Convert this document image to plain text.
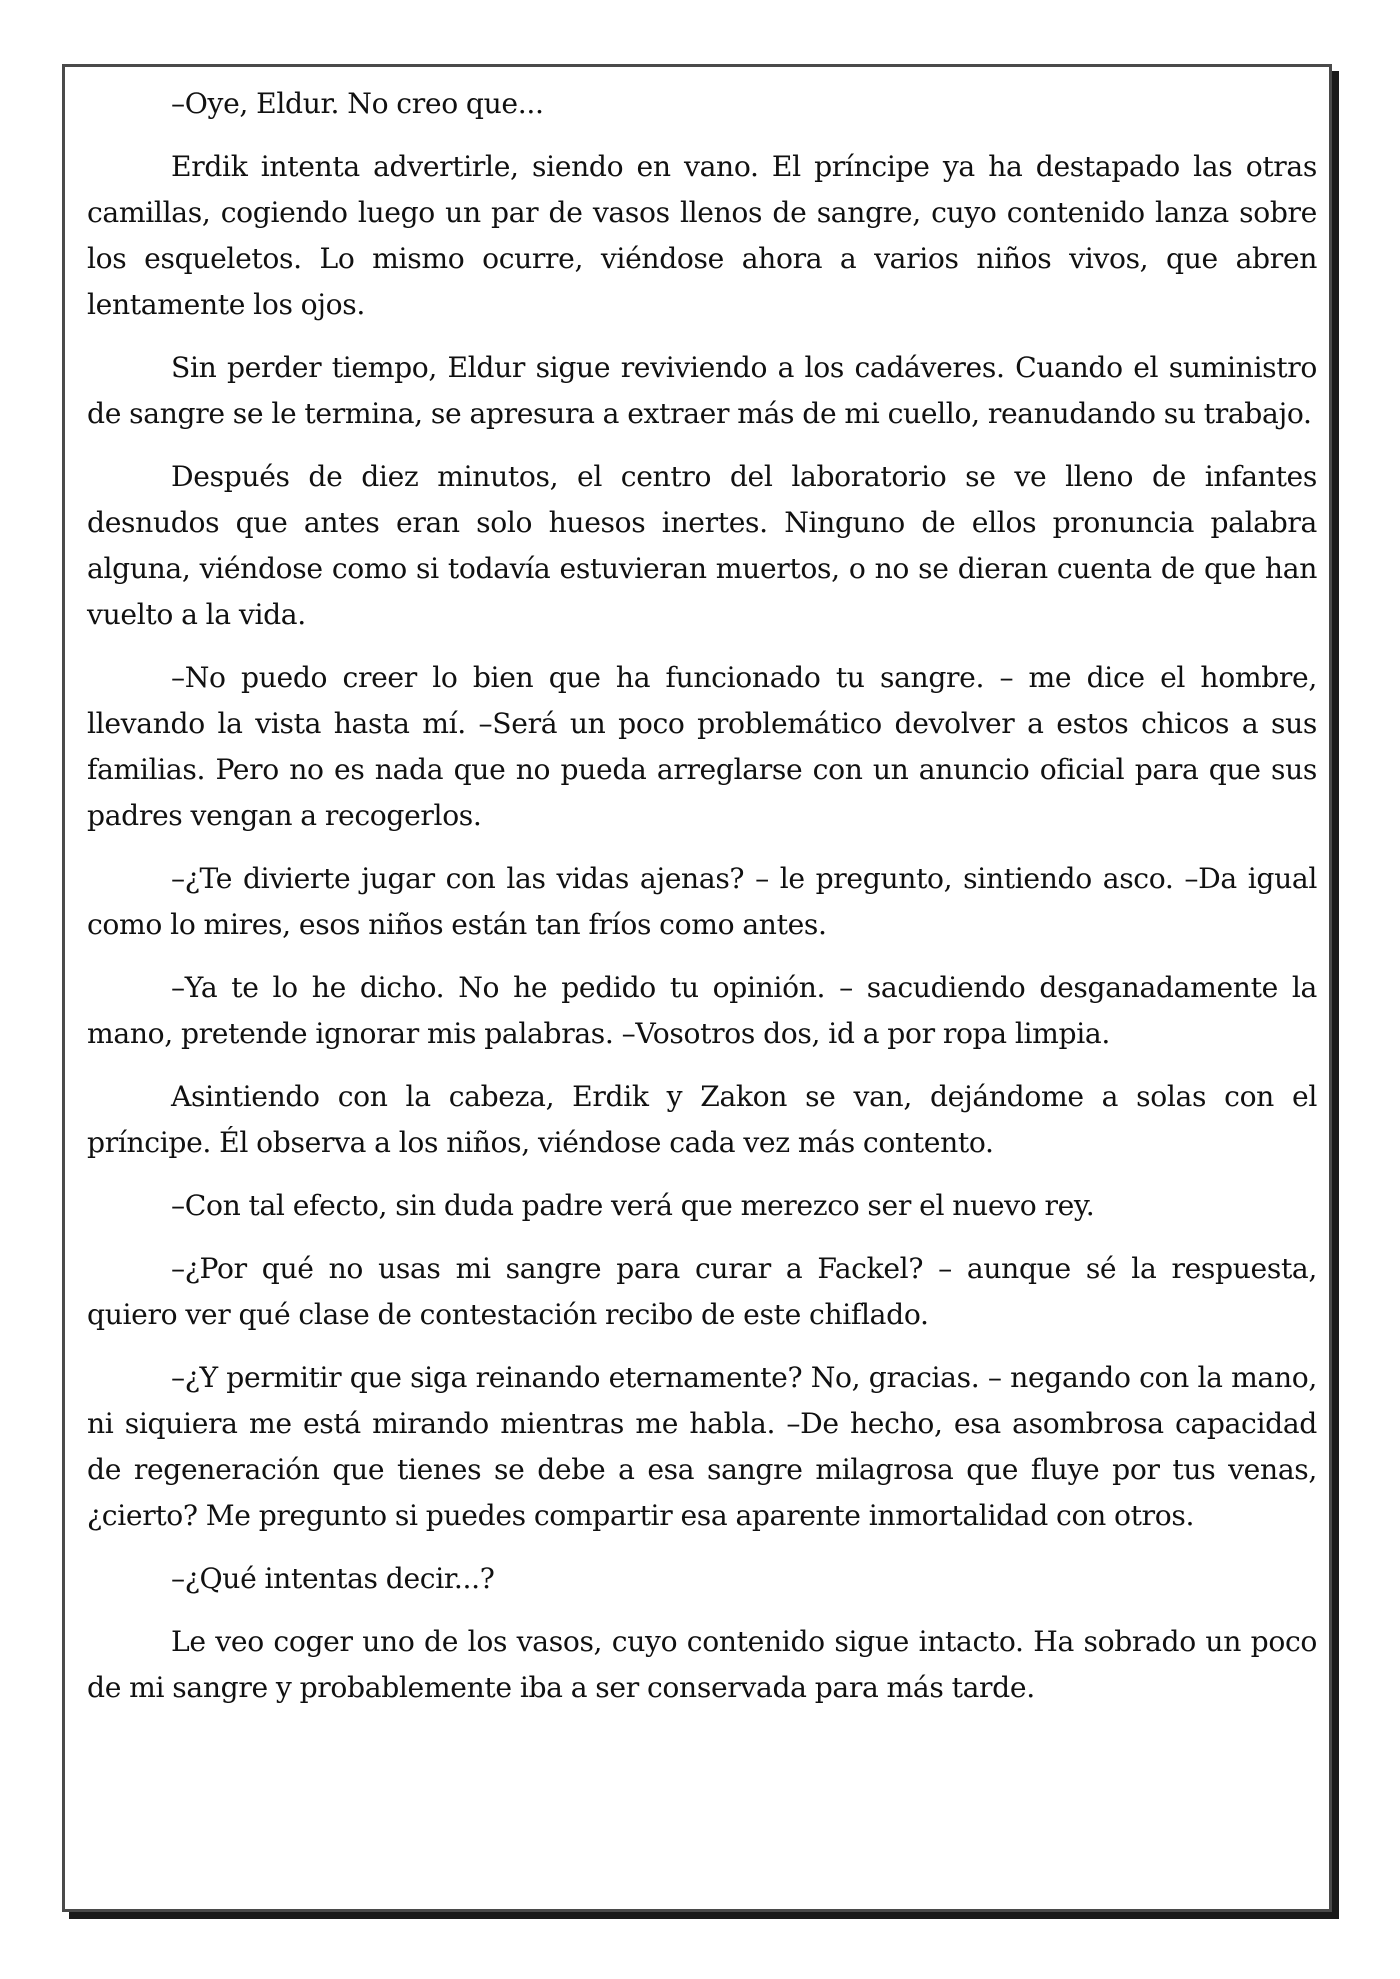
–Oye, Eldur. No creo que...

Erdik intenta advertirle, siendo en vano. El príncipe ya ha destapado las otras camillas, cogiendo luego un par de vasos llenos de sangre, cuyo contenido lanza sobre los esqueletos. Lo mismo ocurre, viéndose ahora a varios niños vivos, que abren lentamente los ojos.

Sin perder tiempo, Eldur sigue reviviendo a los cadáveres. Cuando el suministro de sangre se le termina, se apresura a extraer más de mi cuello, reanudando su trabajo.

Después de diez minutos, el centro del laboratorio se ve lleno de infantes desnudos que antes eran solo huesos inertes. Ninguno de ellos pronuncia palabra alguna, viéndose como si todavía estuvieran muertos, o no se dieran cuenta de que han vuelto a la vida.

–No puedo creer lo bien que ha funcionado tu sangre. – me dice el hombre, llevando la vista hasta mí. –Será un poco problemático devolver a estos chicos a sus familias. Pero no es nada que no pueda arreglarse con un anuncio oficial para que sus padres vengan a recogerlos.

–¿Te divierte jugar con las vidas ajenas? – le pregunto, sintiendo asco. –Da igual como lo mires, esos niños están tan fríos como antes.

–Ya te lo he dicho. No he pedido tu opinión. – sacudiendo desganadamente la mano, pretende ignorar mis palabras. –Vosotros dos, id a por ropa limpia.

Asintiendo con la cabeza, Erdik y Zakon se van, dejándome a solas con el príncipe. Él observa a los niños, viéndose cada vez más contento.

–Con tal efecto, sin duda padre verá que merezco ser el nuevo rey.

–¿Por qué no usas mi sangre para curar a Fackel? – aunque sé la respuesta, quiero ver qué clase de contestación recibo de este chiflado.

–¿Y permitir que siga reinando eternamente? No, gracias. – negando con la mano, ni siquiera me está mirando mientras me habla. –De hecho, esa asombrosa capacidad de regeneración que tienes se debe a esa sangre milagrosa que fluye por tus venas, ¿cierto? Me pregunto si puedes compartir esa aparente inmortalidad con otros.

–¿Qué intentas decir...?

Le veo coger uno de los vasos, cuyo contenido sigue intacto. Ha sobrado un poco de mi sangre y probablemente iba a ser conservada para más tarde.
